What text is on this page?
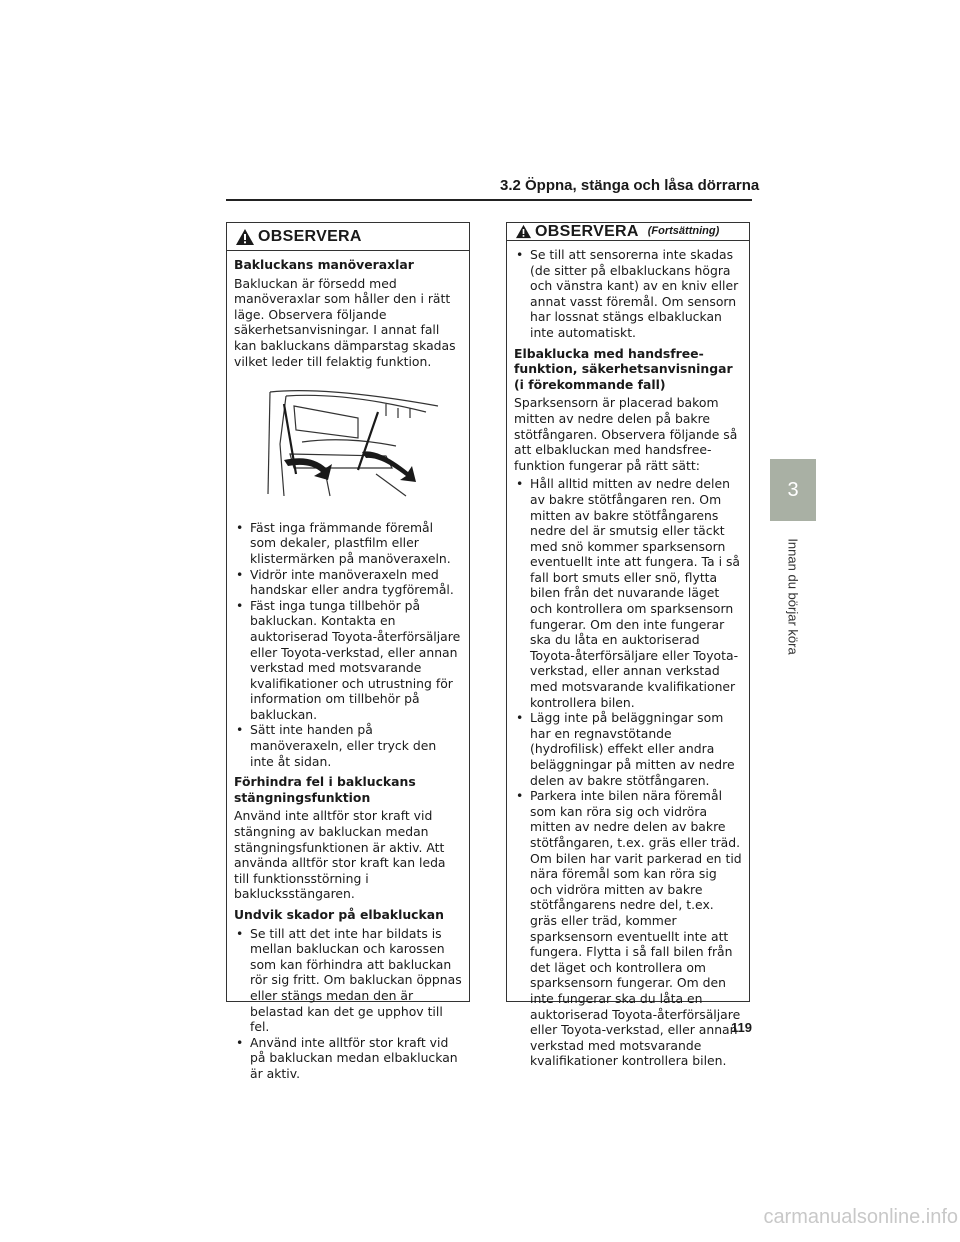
3.2 Öppna, stänga och låsa dörrarna
OBSERVERA
Bakluckans manöveraxlar

Bakluckan är försedd med manöveraxlar som håller den i rätt läge. Observera följande säkerhetsanvisningar. I annat fall kan bakluckans dämparstag skadas vilket leder till felaktig funktion.

• Fäst inga främmande föremål som dekaler, plastfilm eller klistermärken på manöveraxeln.
• Vidrör inte manöveraxeln med handskar eller andra tygföremål.
• Fäst inga tunga tillbehör på bakluckan. Kontakta en auktoriserad Toyota-återförsäljare eller Toyota-verkstad, eller annan verkstad med motsvarande kvalifikationer och utrustning för information om tillbehör på bakluckan.
• Sätt inte handen på manöveraxeln, eller tryck den inte åt sidan.
Förhindra fel i bakluckans stängningsfunktion

Använd inte alltför stor kraft vid stängning av bakluckan medan stängningsfunktionen är aktiv. Att använda alltför stor kraft kan leda till funktionsstörning i baklucksstängaren.

Undvik skador på elbakluckan
• Se till att det inte har bildats is mellan bakluckan och karossen som kan förhindra att bakluckan rör sig fritt. Om bakluckan öppnas eller stängs medan den är belastad kan det ge upphov till fel.
• Använd inte alltför stor kraft vid på bakluckan medan elbakluckan är aktiv.
OBSERVERA (Fortsättning)
• Se till att sensorerna inte skadas (de sitter på elbakluckans högra och vänstra kant) av en kniv eller annat vasst föremål. Om sensorn har lossnat stängs elbakluckan inte automatiskt.
Elbaklucka med handsfree-funktion, säkerhetsanvisningar (i förekommande fall)

Sparksensorn är placerad bakom mitten av nedre delen på bakre stötfångaren. Observera följande så att elbakluckan med handsfree-funktion fungerar på rätt sätt:

• Håll alltid mitten av nedre delen av bakre stötfångaren ren. Om mitten av bakre stötfångarens nedre del är smutsig eller täckt med snö kommer sparksensorn eventuellt inte att fungera. Ta i så fall bort smuts eller snö, flytta bilen från det nuvarande läget och kontrollera om sparksensorn fungerar. Om den inte fungerar ska du låta en auktoriserad Toyota-återförsäljare eller Toyota-verkstad, eller annan verkstad med motsvarande kvalifikationer kontrollera bilen.
• Lägg inte på beläggningar som har en regnavstötande (hydrofilisk) effekt eller andra beläggningar på mitten av nedre delen av bakre stötfångaren.
• Parkera inte bilen nära föremål som kan röra sig och vidröra mitten av nedre delen av bakre stötfångaren, t.ex. gräs eller träd. Om bilen har varit parkerad en tid nära föremål som kan röra sig och vidröra mitten av bakre stötfångarens nedre del, t.ex. gräs eller träd, kommer sparksensorn eventuellt inte att fungera. Flytta i så fall bilen från det läget och kontrollera om sparksensorn fungerar. Om den inte fungerar ska du låta en auktoriserad Toyota-återförsäljare eller Toyota-verkstad, eller annan verkstad med motsvarande kvalifikationer kontrollera bilen.
3
Innan du börjar köra
119
carmanualsonline.info
